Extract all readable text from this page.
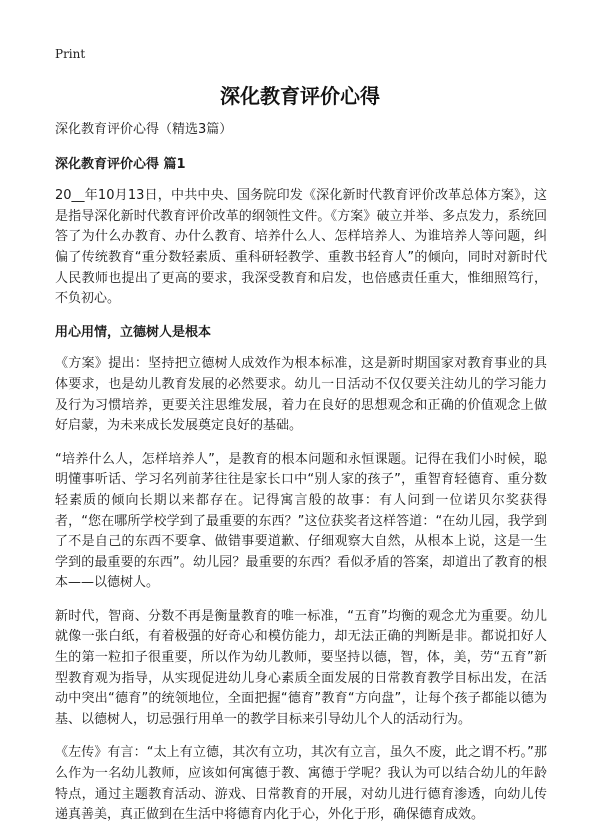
Print
深化教育评价心得

深化教育评价心得（精选3篇）

深化教育评价心得 篇1

20__年10月13日，中共中央、国务院印发《深化新时代教育评价改革总体方案》，这是指导深化新时代教育评价改革的纲领性文件。《方案》破立并举、多点发力，系统回答了为什么办教育、办什么教育、培养什么人、怎样培养人、为谁培养人等问题，纠偏了传统教育“重分数轻素质、重科研轻教学、重教书轻育人”的倾向，同时对新时代人民教师也提出了更高的要求，我深受教育和启发，也倍感责任重大，惟细照笃行，不负初心。

用心用情，立德树人是根本

《方案》提出：坚持把立德树人成效作为根本标准，这是新时期国家对教育事业的具体要求，也是幼儿教育发展的必然要求。幼儿一日活动不仅仅要关注幼儿的学习能力及行为习惯培养，更要关注思维发展，着力在良好的思想观念和正确的价值观念上做好启蒙，为未来成长发展奠定良好的基础。

“培养什么人，怎样培养人”，是教育的根本问题和永恒课题。记得在我们小时候，聪明懂事听话、学习名列前茅往往是家长口中“别人家的孩子”，重智育轻德育、重分数轻素质的倾向长期以来都存在。记得寓言般的故事：有人问到一位诺贝尔奖获得者，“您在哪所学校学到了最重要的东西？”这位获奖者这样答道：“在幼儿园，我学到了不是自己的东西不要拿、做错事要道歉、仔细观察大自然，从根本上说，这是一生学到的最重要的东西”。幼儿园？最重要的东西？看似矛盾的答案，却道出了教育的根本——以德树人。

新时代，智商、分数不再是衡量教育的唯一标准，“五育”均衡的观念尤为重要。幼儿就像一张白纸，有着极强的好奇心和模仿能力，却无法正确的判断是非。都说扣好人生的第一粒扣子很重要，所以作为幼儿教师，要坚持以德，智，体，美，劳“五育”新型教育观为指导，从实现促进幼儿身心素质全面发展的日常教育教学目标出发，在活动中突出“德育”的统领地位，全面把握“德育”教育“方向盘”，让每个孩子都能以德为基、以德树人，切忌强行用单一的教学目标来引导幼儿个人的活动行为。

《左传》有言：“太上有立德，其次有立功，其次有立言，虽久不废，此之谓不朽。”那么作为一名幼儿教师，应该如何寓德于教、寓德于学呢？我认为可以结合幼儿的年龄特点，通过主题教育活动、游戏、日常教育的开展，对幼儿进行德育渗透，向幼儿传递真善美，真正做到在生活中将德育内化于心，外化于形，确保德育成效。
